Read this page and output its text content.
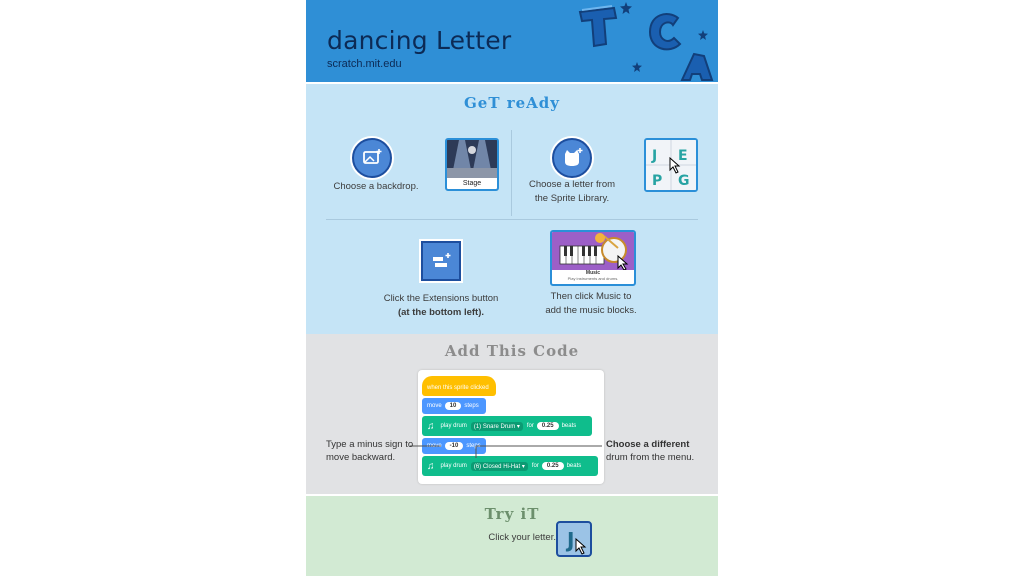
dancing Letter
scratch.mit.edu
GeT reAdy
Choose a backdrop.	Stage	Choose a letter from
the Sprite Library.
J E
P G
Click the Extensions button
(at the bottom left).
Music
Play instruments and drums.
Then click Music to
add the music blocks.
Add This Code
when this sprite clicked
move	10	steps
♫ play drum	(1) Snare Drum ▾	for	0.25	beats
move	-10	steps
♫ play drum	(6) Closed Hi-Hat ▾	for	0.25	beats
Type a minus sign to
move backward.
Choose a different
drum from the menu.
Try iT
Click your letter. J
